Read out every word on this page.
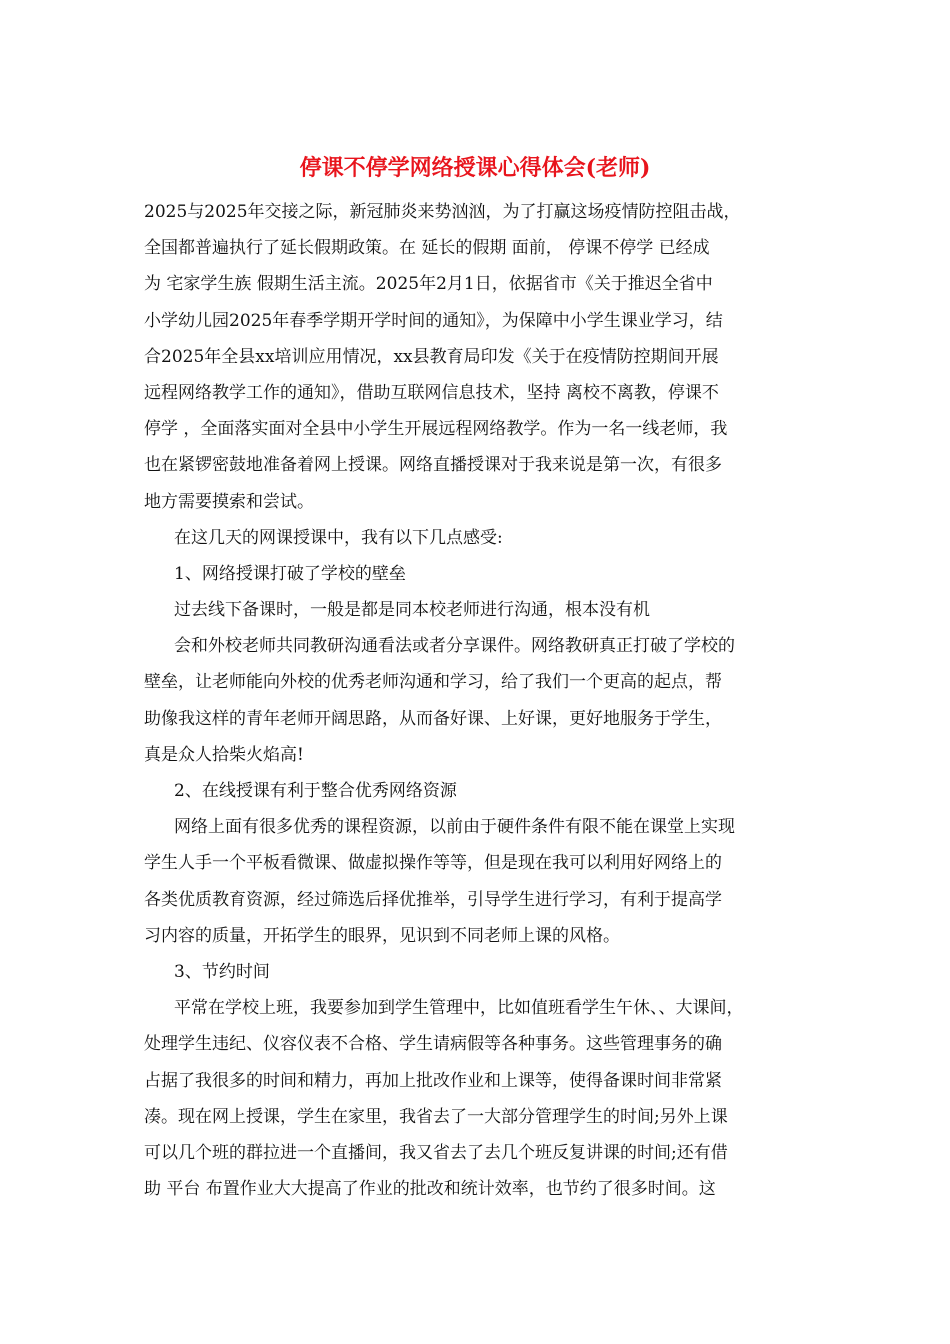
停课不停学网络授课心得体会(老师)
2025与2025年交接之际，新冠肺炎来势汹汹，为了打赢这场疫情防控阻击战，
全国都普遍执行了延长假期政策。在 延长的假期 面前， 停课不停学 已经成
为 宅家学生族 假期生活主流。2025年2月1日，依据省市《关于推迟全省中
小学幼儿园2025年春季学期开学时间的通知》，为保障中小学生课业学习，结
合2025年全县xx培训应用情况，xx县教育局印发《关于在疫情防控期间开展
远程网络教学工作的通知》，借助互联网信息技术，坚持 离校不离教，停课不
停学 ，全面落实面对全县中小学生开展远程网络教学。作为一名一线老师，我
也在紧锣密鼓地准备着网上授课。网络直播授课对于我来说是第一次，有很多
地方需要摸索和尝试。
在这几天的网课授课中，我有以下几点感受:
1、网络授课打破了学校的壁垒
过去线下备课时，一般是都是同本校老师进行沟通，根本没有机
会和外校老师共同教研沟通看法或者分享课件。网络教研真正打破了学校的
壁垒，让老师能向外校的优秀老师沟通和学习，给了我们一个更高的起点，帮
助像我这样的青年老师开阔思路，从而备好课、上好课，更好地服务于学生，
真是众人拾柴火焰高!
2、在线授课有利于整合优秀网络资源
网络上面有很多优秀的课程资源，以前由于硬件条件有限不能在课堂上实现
学生人手一个平板看微课、做虚拟操作等等，但是现在我可以利用好网络上的
各类优质教育资源，经过筛选后择优推举，引导学生进行学习，有利于提高学
习内容的质量，开拓学生的眼界，见识到不同老师上课的风格。
3、节约时间
平常在学校上班，我要参加到学生管理中，比如值班看学生午休、、大课间，
处理学生违纪、仪容仪表不合格、学生请病假等各种事务。这些管理事务的确
占据了我很多的时间和精力，再加上批改作业和上课等，使得备课时间非常紧
凑。现在网上授课，学生在家里，我省去了一大部分管理学生的时间;另外上课
可以几个班的群拉进一个直播间，我又省去了去几个班反复讲课的时间;还有借
助 平台 布置作业大大提高了作业的批改和统计效率，也节约了很多时间。这
